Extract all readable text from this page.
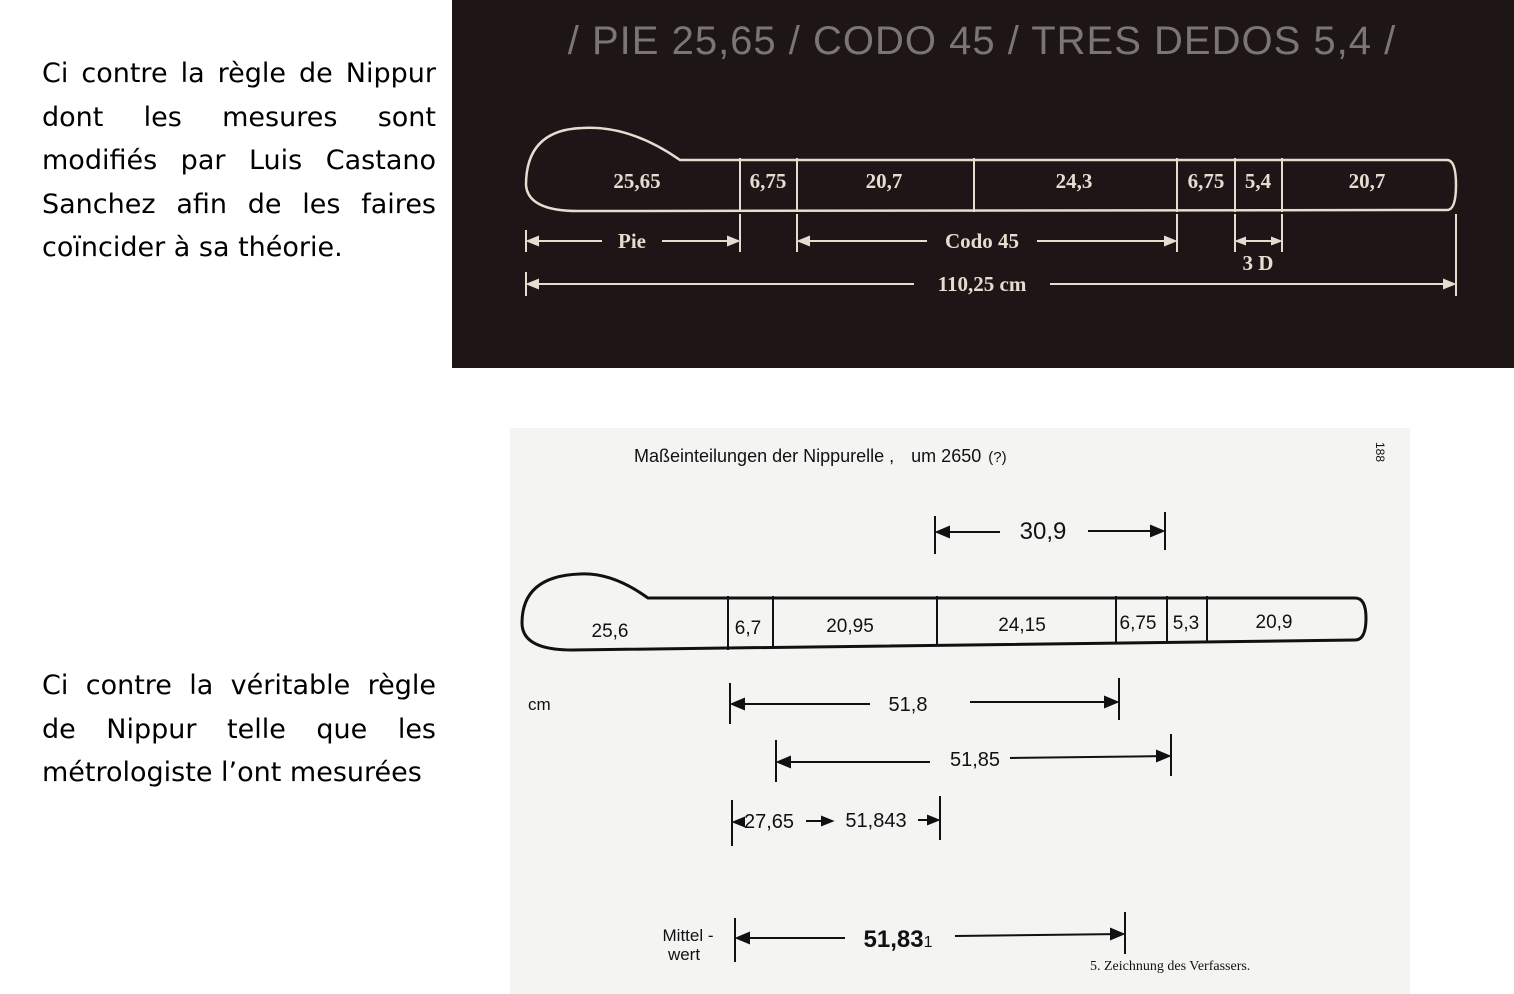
Ci contre la règle de Nippur dont les mesures sont modifiés par Luis Castano Sanchez afin de les faires coïncider à sa théorie.
Ci contre la véritable règle de Nippur telle que les métrologiste l’ont mesurées
/ PIE 25,65 / CODO 45 / TRES DEDOS 5,4 /
25,65	6,75	20,7	24,3	6,75 5,4	20,7
Pie	Codo 45
3 D
110,25 cm
Maßeinteilungen der Nippurelle , um 2650 (?)	188
30,9
25,6	6,7	20,95	24,15	6,75 5,3	20,9
cm	51,8
51,85
27,65	51,843
Mittel -
wert
51,831
5. Zeichnung des Verfassers.
